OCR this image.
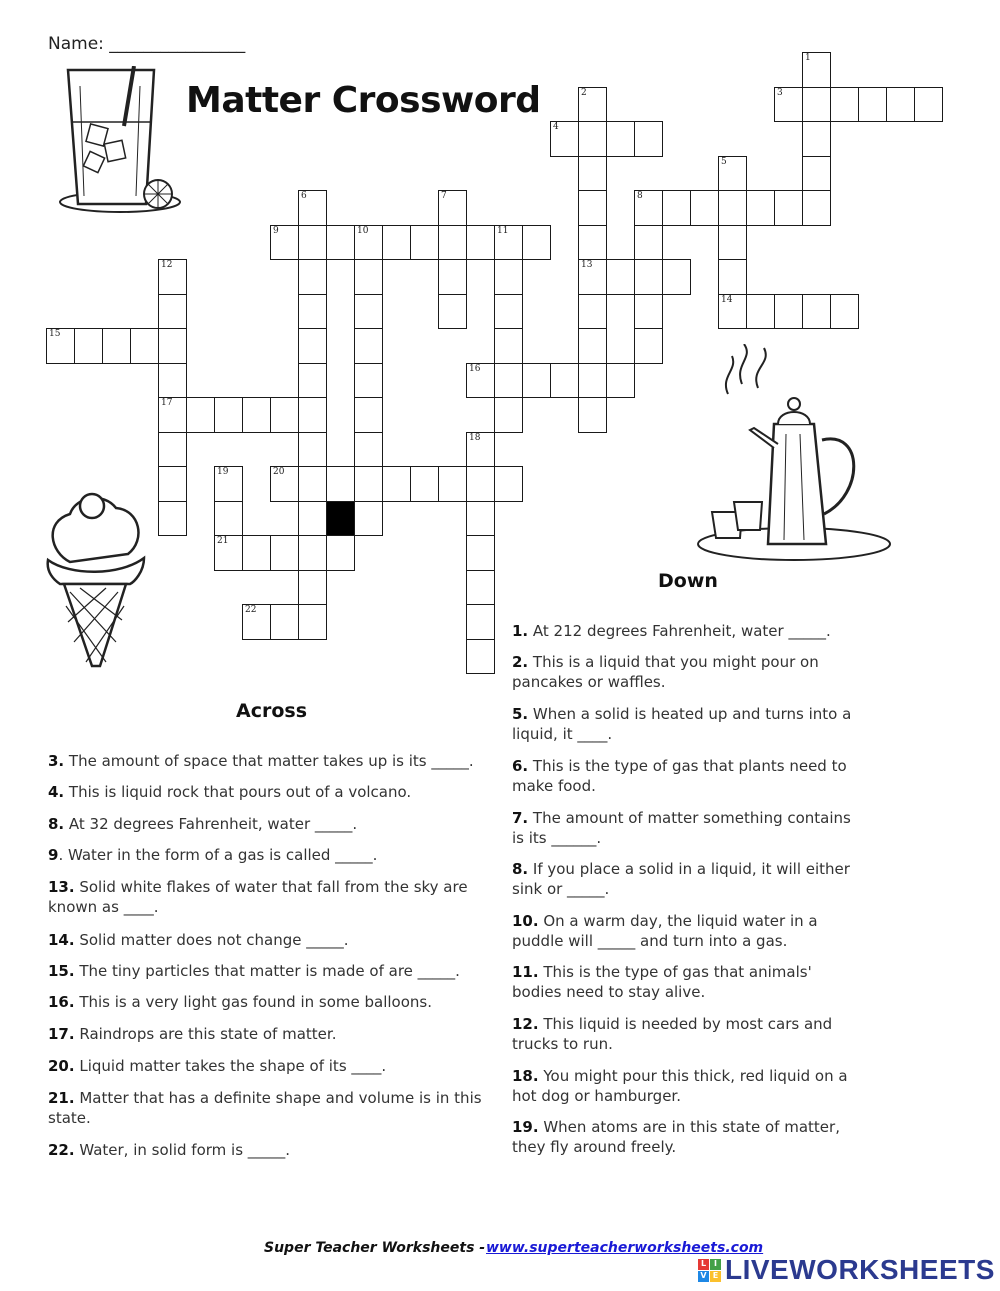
Name: ________________
Matter Crossword
1
2	3
4
5
6	7	8
9	10	11
12	13
14
15
16
17
18
19	20
21
22
Across
Down
3. The amount of space that matter takes up is its _____.
4. This is liquid rock that pours out of a volcano.
8. At 32 degrees Fahrenheit, water _____.
9. Water in the form of a gas is called _____.
13. Solid white flakes of water that fall from the sky are known as ____.
14. Solid matter does not change _____.
15. The tiny particles that matter is made of are _____.
16. This is a very light gas found in some balloons.
17. Raindrops are this state of matter.
20. Liquid matter takes the shape of its ____.
21. Matter that has a definite shape and volume is in this state.
22. Water, in solid form is _____.
1. At 212 degrees Fahrenheit, water _____.
2. This is a liquid that you might pour on pancakes or waffles.
5. When a solid is heated up and turns into a liquid, it ____.
6. This is the type of gas that plants need to make food.
7. The amount of matter something contains is its ______.
8. If you place a solid in a liquid, it will either sink or _____.
10. On a warm day, the liquid water in a puddle will _____ and turn into a gas.
11. This is the type of gas that animals' bodies need to stay alive.
12. This liquid is needed by most cars and trucks to run.
18. You might pour this thick, red liquid on a hot dog or hamburger.
19. When atoms are in this state of matter, they fly around freely.
Super Teacher Worksheets - www.superteacherworksheets.com
L I
V E LIVEWORKSHEETS
